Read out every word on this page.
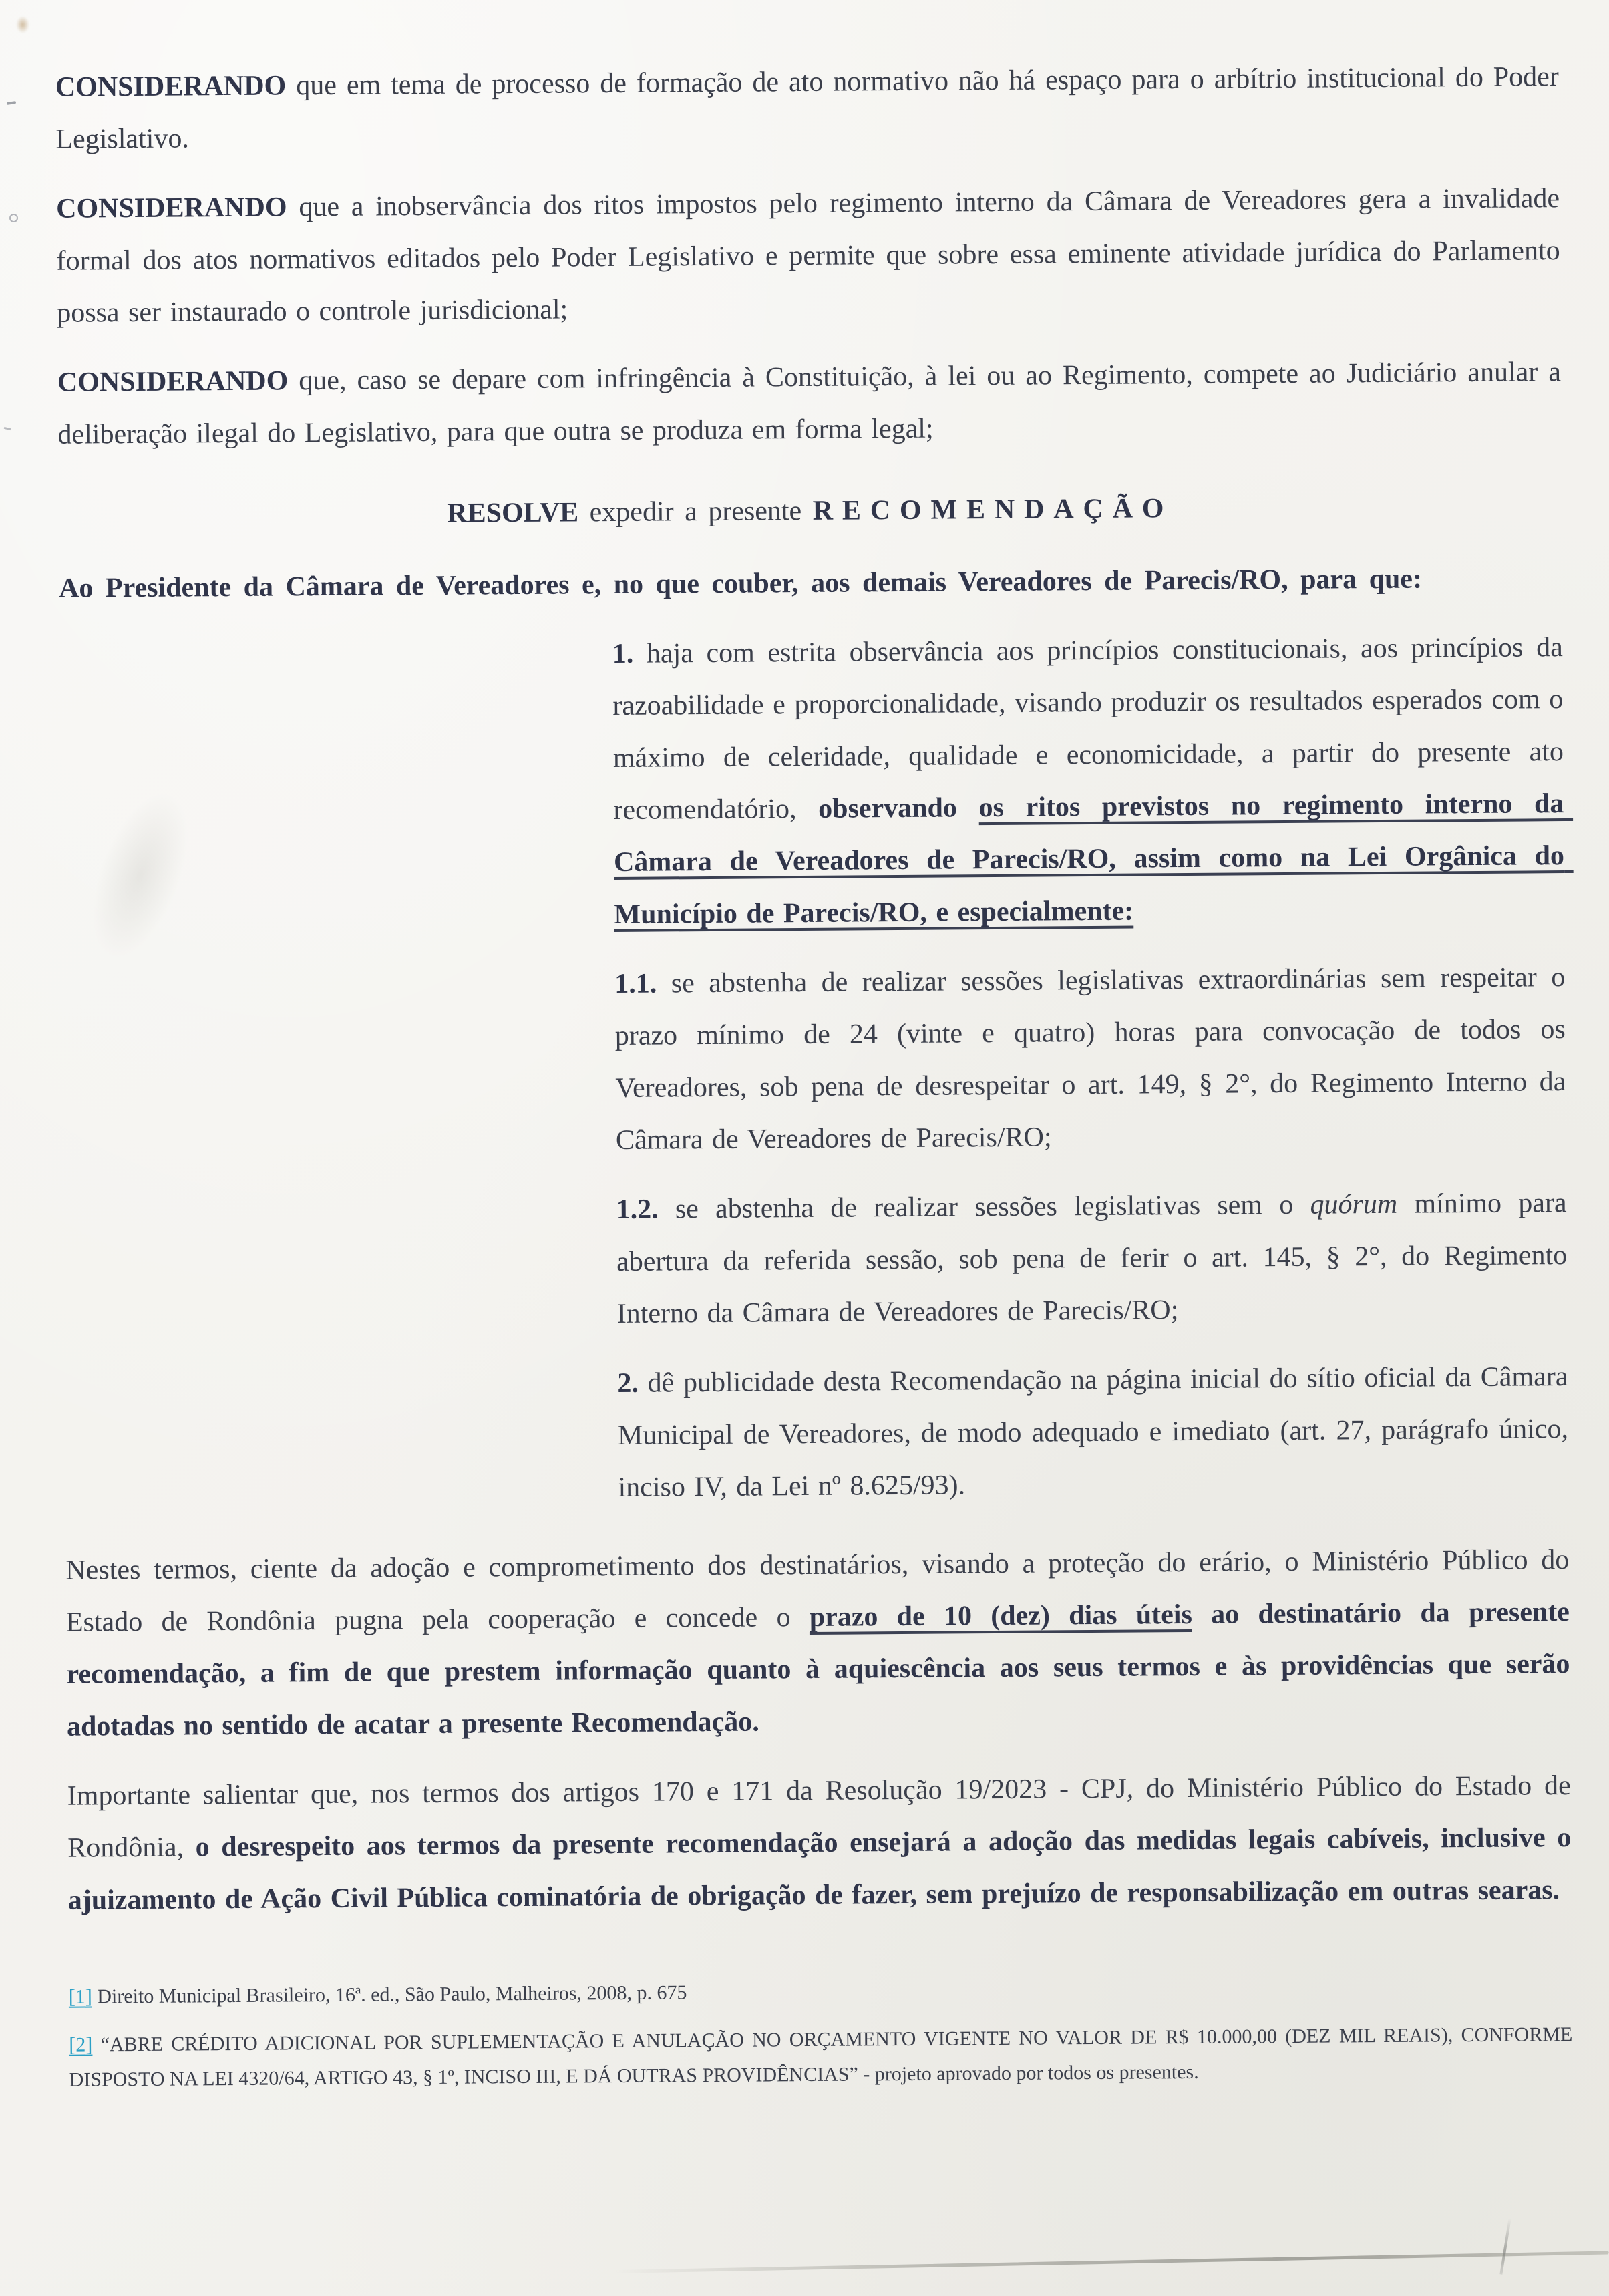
CONSIDERANDO que em tema de processo de formação de ato normativo não há espaço para o arbítrio institucional do Poder Legislativo.

CONSIDERANDO que a inobservância dos ritos impostos pelo regimento interno da Câmara de Vereadores gera a invalidade formal dos atos normativos editados pelo Poder Legislativo e permite que sobre essa eminente atividade jurídica do Parlamento possa ser instaurado o controle jurisdicional;

CONSIDERANDO que, caso se depare com infringência à Constituição, à lei ou ao Regimento, compete ao Judiciário anular a deliberação ilegal do Legislativo, para que outra se produza em forma legal;

RESOLVE expedir a presente RECOMENDAÇÃO

Ao Presidente da Câmara de Vereadores e, no que couber, aos demais Vereadores de Parecis/RO, para que:

1. haja com estrita observância aos princípios constitucionais, aos princípios da razoabilidade e proporcionalidade, visando produzir os resultados esperados com o máximo de celeridade, qualidade e economicidade, a partir do presente ato recomendatório, observando os ritos previstos no regimento interno da Câmara de Vereadores de Parecis/RO, assim como na Lei Orgânica do Município de Parecis/RO, e especialmente:

1.1. se abstenha de realizar sessões legislativas extraordinárias sem respeitar o prazo mínimo de 24 (vinte e quatro) horas para convocação de todos os Vereadores, sob pena de desrespeitar o art. 149, § 2°, do Regimento Interno da Câmara de Vereadores de Parecis/RO;

1.2. se abstenha de realizar sessões legislativas sem o quórum mínimo para abertura da referida sessão, sob pena de ferir o art. 145, § 2°, do Regimento Interno da Câmara de Vereadores de Parecis/RO;

2. dê publicidade desta Recomendação na página inicial do sítio oficial da Câmara Municipal de Vereadores, de modo adequado e imediato (art. 27, parágrafo único, inciso IV, da Lei nº 8.625/93).

Nestes termos, ciente da adoção e comprometimento dos destinatários, visando a proteção do erário, o Ministério Público do Estado de Rondônia pugna pela cooperação e concede o prazo de 10 (dez) dias úteis ao destinatário da presente recomendação, a fim de que prestem informação quanto à aquiescência aos seus termos e às providências que serão adotadas no sentido de acatar a presente Recomendação.

Importante salientar que, nos termos dos artigos 170 e 171 da Resolução 19/2023 - CPJ, do Ministério Público do Estado de Rondônia, o desrespeito aos termos da presente recomendação ensejará a adoção das medidas legais cabíveis, inclusive o ajuizamento de Ação Civil Pública cominatória de obrigação de fazer, sem prejuízo de responsabilização em outras searas.

[1] Direito Municipal Brasileiro, 16ª. ed., São Paulo, Malheiros, 2008, p. 675

[2] “ABRE CRÉDITO ADICIONAL POR SUPLEMENTAÇÃO E ANULAÇÃO NO ORÇAMENTO VIGENTE NO VALOR DE R$ 10.000,00 (DEZ MIL REAIS), CONFORME DISPOSTO NA LEI 4320/64, ARTIGO 43, § 1º, INCISO III, E DÁ OUTRAS PROVIDÊNCIAS” - projeto aprovado por todos os presentes.
